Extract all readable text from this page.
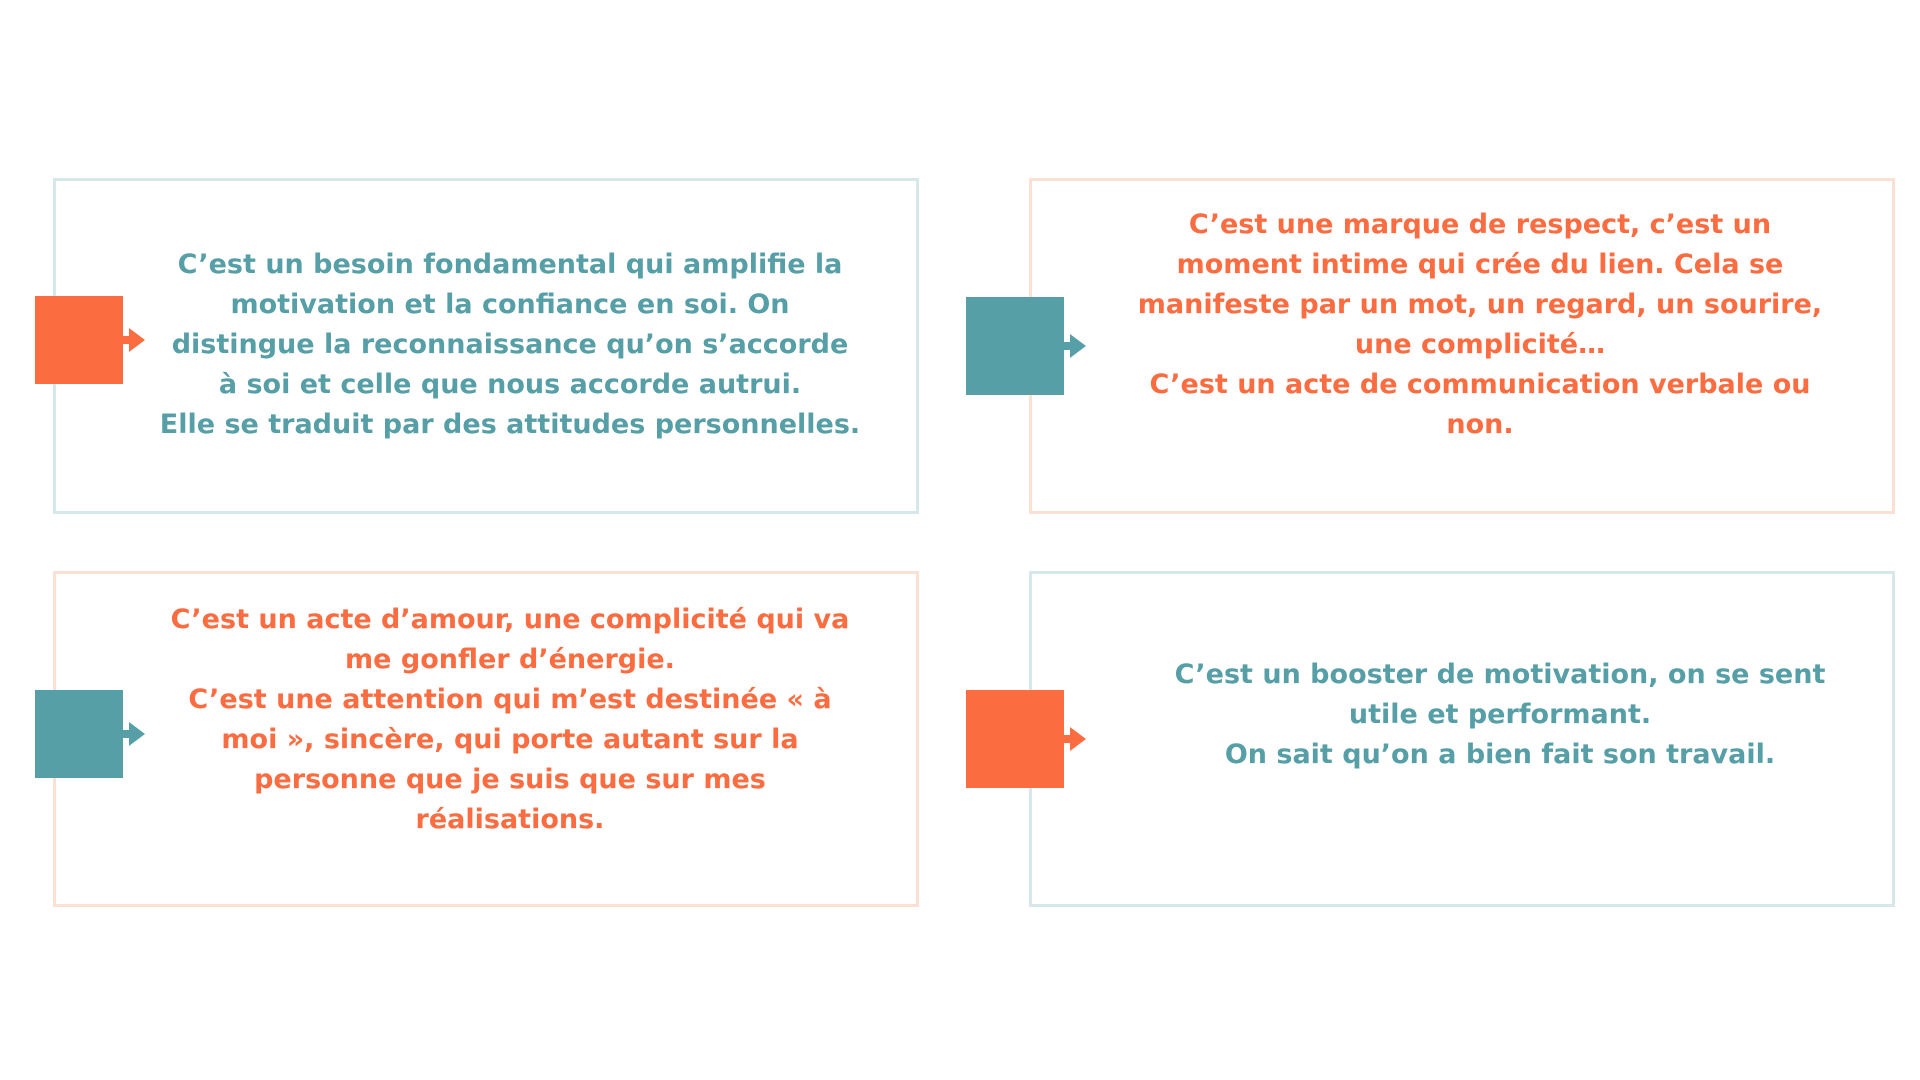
C’est un besoin fondamental qui amplifie la
motivation et la confiance en soi. On
distingue la reconnaissance qu’on s’accorde
à soi et celle que nous accorde autrui.
Elle se traduit par des attitudes personnelles.

C’est une marque de respect, c’est un
moment intime qui crée du lien. Cela se
manifeste par un mot, un regard, un sourire,
une complicité…
C’est un acte de communication verbale ou
non.

C’est un acte d’amour, une complicité qui va
me gonfler d’énergie.
C’est une attention qui m’est destinée « à
moi », sincère, qui porte autant sur la
personne que je suis que sur mes
réalisations.

C’est un booster de motivation, on se sent
utile et performant.
On sait qu’on a bien fait son travail.
